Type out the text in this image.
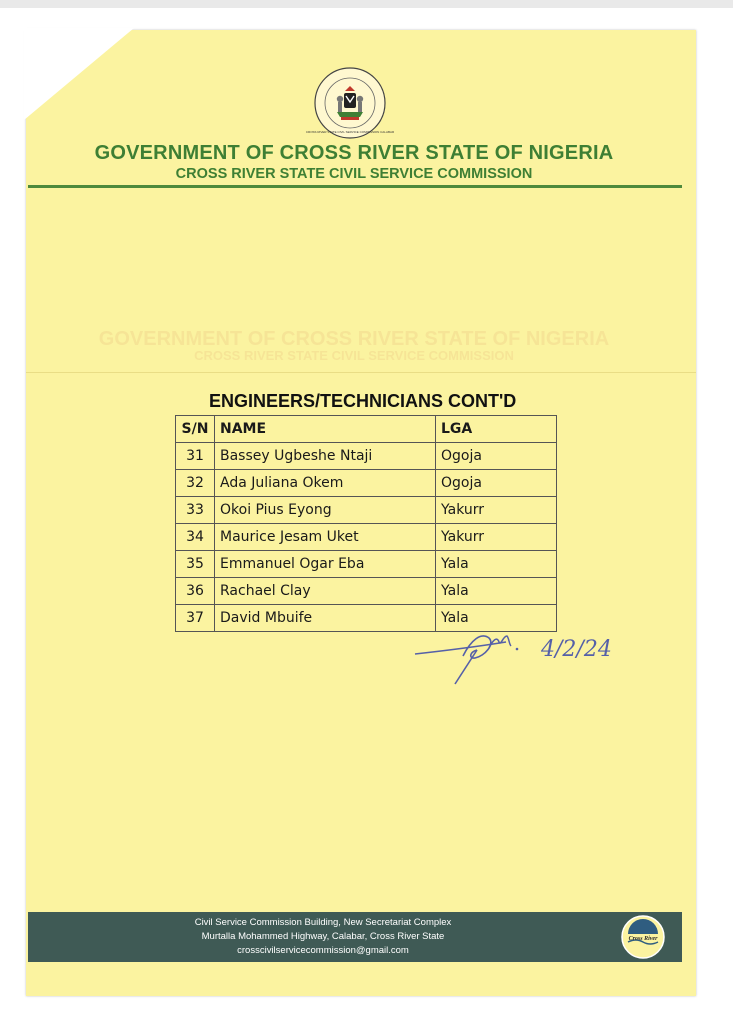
CROSS RIVER STATE CIVIL SERVICE COMMISSION CALABAR
GOVERNMENT OF CROSS RIVER STATE OF NIGERIA
CROSS RIVER STATE CIVIL SERVICE COMMISSION
GOVERNMENT OF CROSS RIVER STATE OF NIGERIA
CROSS RIVER STATE CIVIL SERVICE COMMISSION
ENGINEERS/TECHNICIANS CONT'D
S/N	NAME	LGA
31	Bassey Ugbeshe Ntaji	Ogoja
32	Ada Juliana Okem	Ogoja
33	Okoi Pius Eyong	Yakurr
34	Maurice Jesam Uket	Yakurr
35	Emmanuel Ogar Eba	Yala
36	Rachael Clay	Yala
37	David Mbuife	Yala
4/2/24
Civil Service Commission Building, New Secretariat Complex
Murtalla Mohammed Highway, Calabar, Cross River State
crosscivilservicecommission@gmail.com
Cross River
